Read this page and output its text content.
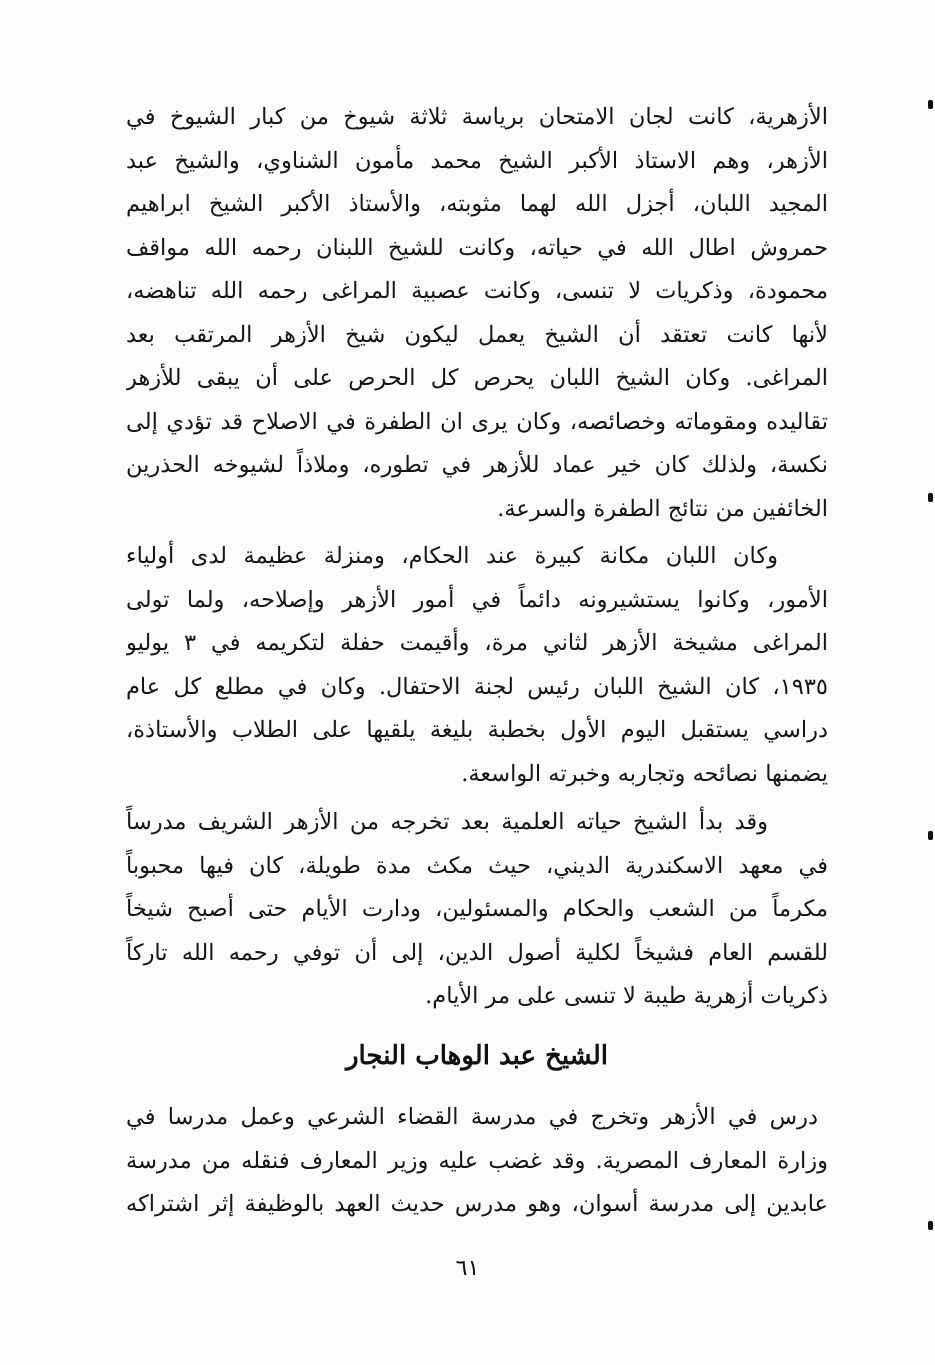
الأزهرية، كانت لجان الامتحان برياسة ثلاثة شيوخ من كبار الشيوخ في
الأزهر، وهم الاستاذ الأكبر الشيخ محمد مأمون الشناوي، والشيخ عبد
المجيد اللبان، أجزل الله لهما مثوبته، والأستاذ الأكبر الشيخ ابراهيم
حمروش اطال الله في حياته، وكانت للشيخ اللبنان رحمه الله مواقف
محمودة، وذكريات لا تنسى، وكانت عصبية المراغى رحمه الله تناهضه،
لأنها كانت تعتقد أن الشيخ يعمل ليكون شيخ الأزهر المرتقب بعد
المراغى. وكان الشيخ اللبان يحرص كل الحرص على أن يبقى للأزهر
تقاليده ومقوماته وخصائصه، وكان يرى ان الطفرة في الاصلاح قد تؤدي إلى
نكسة، ولذلك كان خير عماد للأزهر في تطوره، وملاذاً لشيوخه الحذرين
الخائفين من نتائج الطفرة والسرعة.
وكان اللبان مكانة كبيرة عند الحكام، ومنزلة عظيمة لدى أولياء
الأمور، وكانوا يستشيرونه دائماً في أمور الأزهر وإصلاحه، ولما تولى
المراغى مشيخة الأزهر لثاني مرة، وأقيمت حفلة لتكريمه في ٣ يوليو
١٩٣٥، كان الشيخ اللبان رئيس لجنة الاحتفال. وكان في مطلع كل عام
دراسي يستقبل اليوم الأول بخطبة بليغة يلقيها على الطلاب والأستاذة،
يضمنها نصائحه وتجاربه وخبرته الواسعة.
وقد بدأ الشيخ حياته العلمية بعد تخرجه من الأزهر الشريف مدرساً
في معهد الاسكندرية الديني، حيث مكث مدة طويلة، كان فيها محبوباً
مكرماً من الشعب والحكام والمسئولين، ودارت الأيام حتى أصبح شيخاً
للقسم العام فشيخاً لكلية أصول الدين، إلى أن توفي رحمه الله تاركاً
ذكريات أزهرية طيبة لا تنسى على مر الأيام.
الشيخ عبد الوهاب النجار
درس في الأزهر وتخرج في مدرسة القضاء الشرعي وعمل مدرسا في
وزارة المعارف المصرية. وقد غضب عليه وزير المعارف فنقله من مدرسة
عابدين إلى مدرسة أسوان، وهو مدرس حديث العهد بالوظيفة إثر اشتراكه
٦١
